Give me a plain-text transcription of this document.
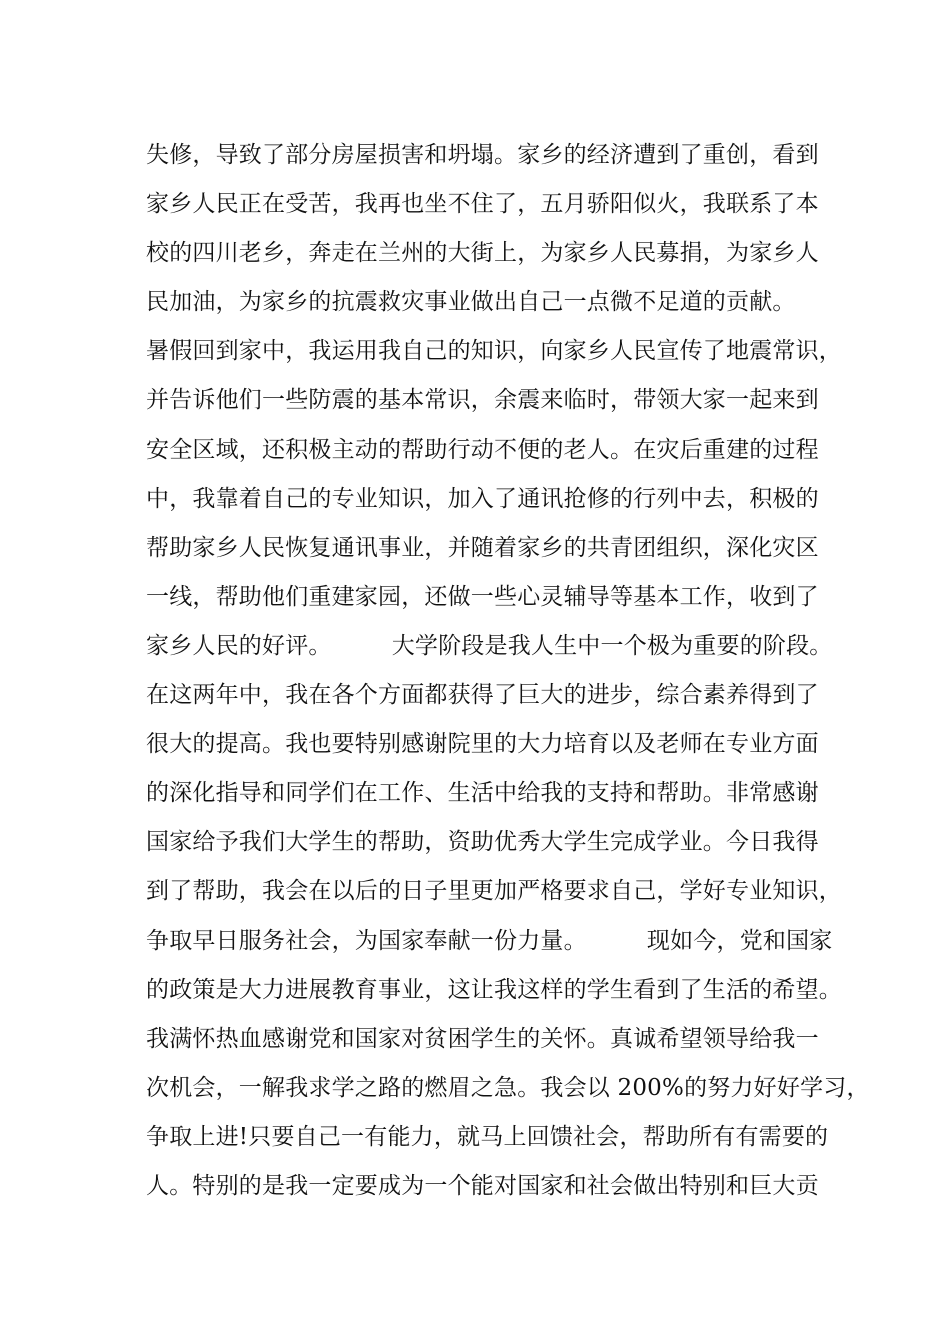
失修，导致了部分房屋损害和坍塌。家乡的经济遭到了重创，看到
家乡人民正在受苦，我再也坐不住了，五月骄阳似火，我联系了本
校的四川老乡，奔走在兰州的大街上，为家乡人民募捐，为家乡人
民加油，为家乡的抗震救灾事业做出自己一点微不足道的贡献。
暑假回到家中，我运用我自己的知识，向家乡人民宣传了地震常识，
并告诉他们一些防震的基本常识，余震来临时，带领大家一起来到
安全区域，还积极主动的帮助行动不便的老人。在灾后重建的过程
中，我靠着自己的专业知识，加入了通讯抢修的行列中去，积极的
帮助家乡人民恢复通讯事业，并随着家乡的共青团组织，深化灾区
一线，帮助他们重建家园，还做一些心灵辅导等基本工作，收到了
家乡人民的好评。        大学阶段是我人生中一个极为重要的阶段。
在这两年中，我在各个方面都获得了巨大的进步，综合素养得到了
很大的提高。我也要特别感谢院里的大力培育以及老师在专业方面
的深化指导和同学们在工作、生活中给我的支持和帮助。非常感谢
国家给予我们大学生的帮助，资助优秀大学生完成学业。今日我得
到了帮助，我会在以后的日子里更加严格要求自己，学好专业知识，
争取早日服务社会，为国家奉献一份力量。        现如今，党和国家
的政策是大力进展教育事业，这让我这样的学生看到了生活的希望。
我满怀热血感谢党和国家对贫困学生的关怀。真诚希望领导给我一
次机会，一解我求学之路的燃眉之急。我会以 200%的努力好好学习，
争取上进!只要自己一有能力，就马上回馈社会，帮助所有有需要的
人。特别的是我一定要成为一个能对国家和社会做出特别和巨大贡
